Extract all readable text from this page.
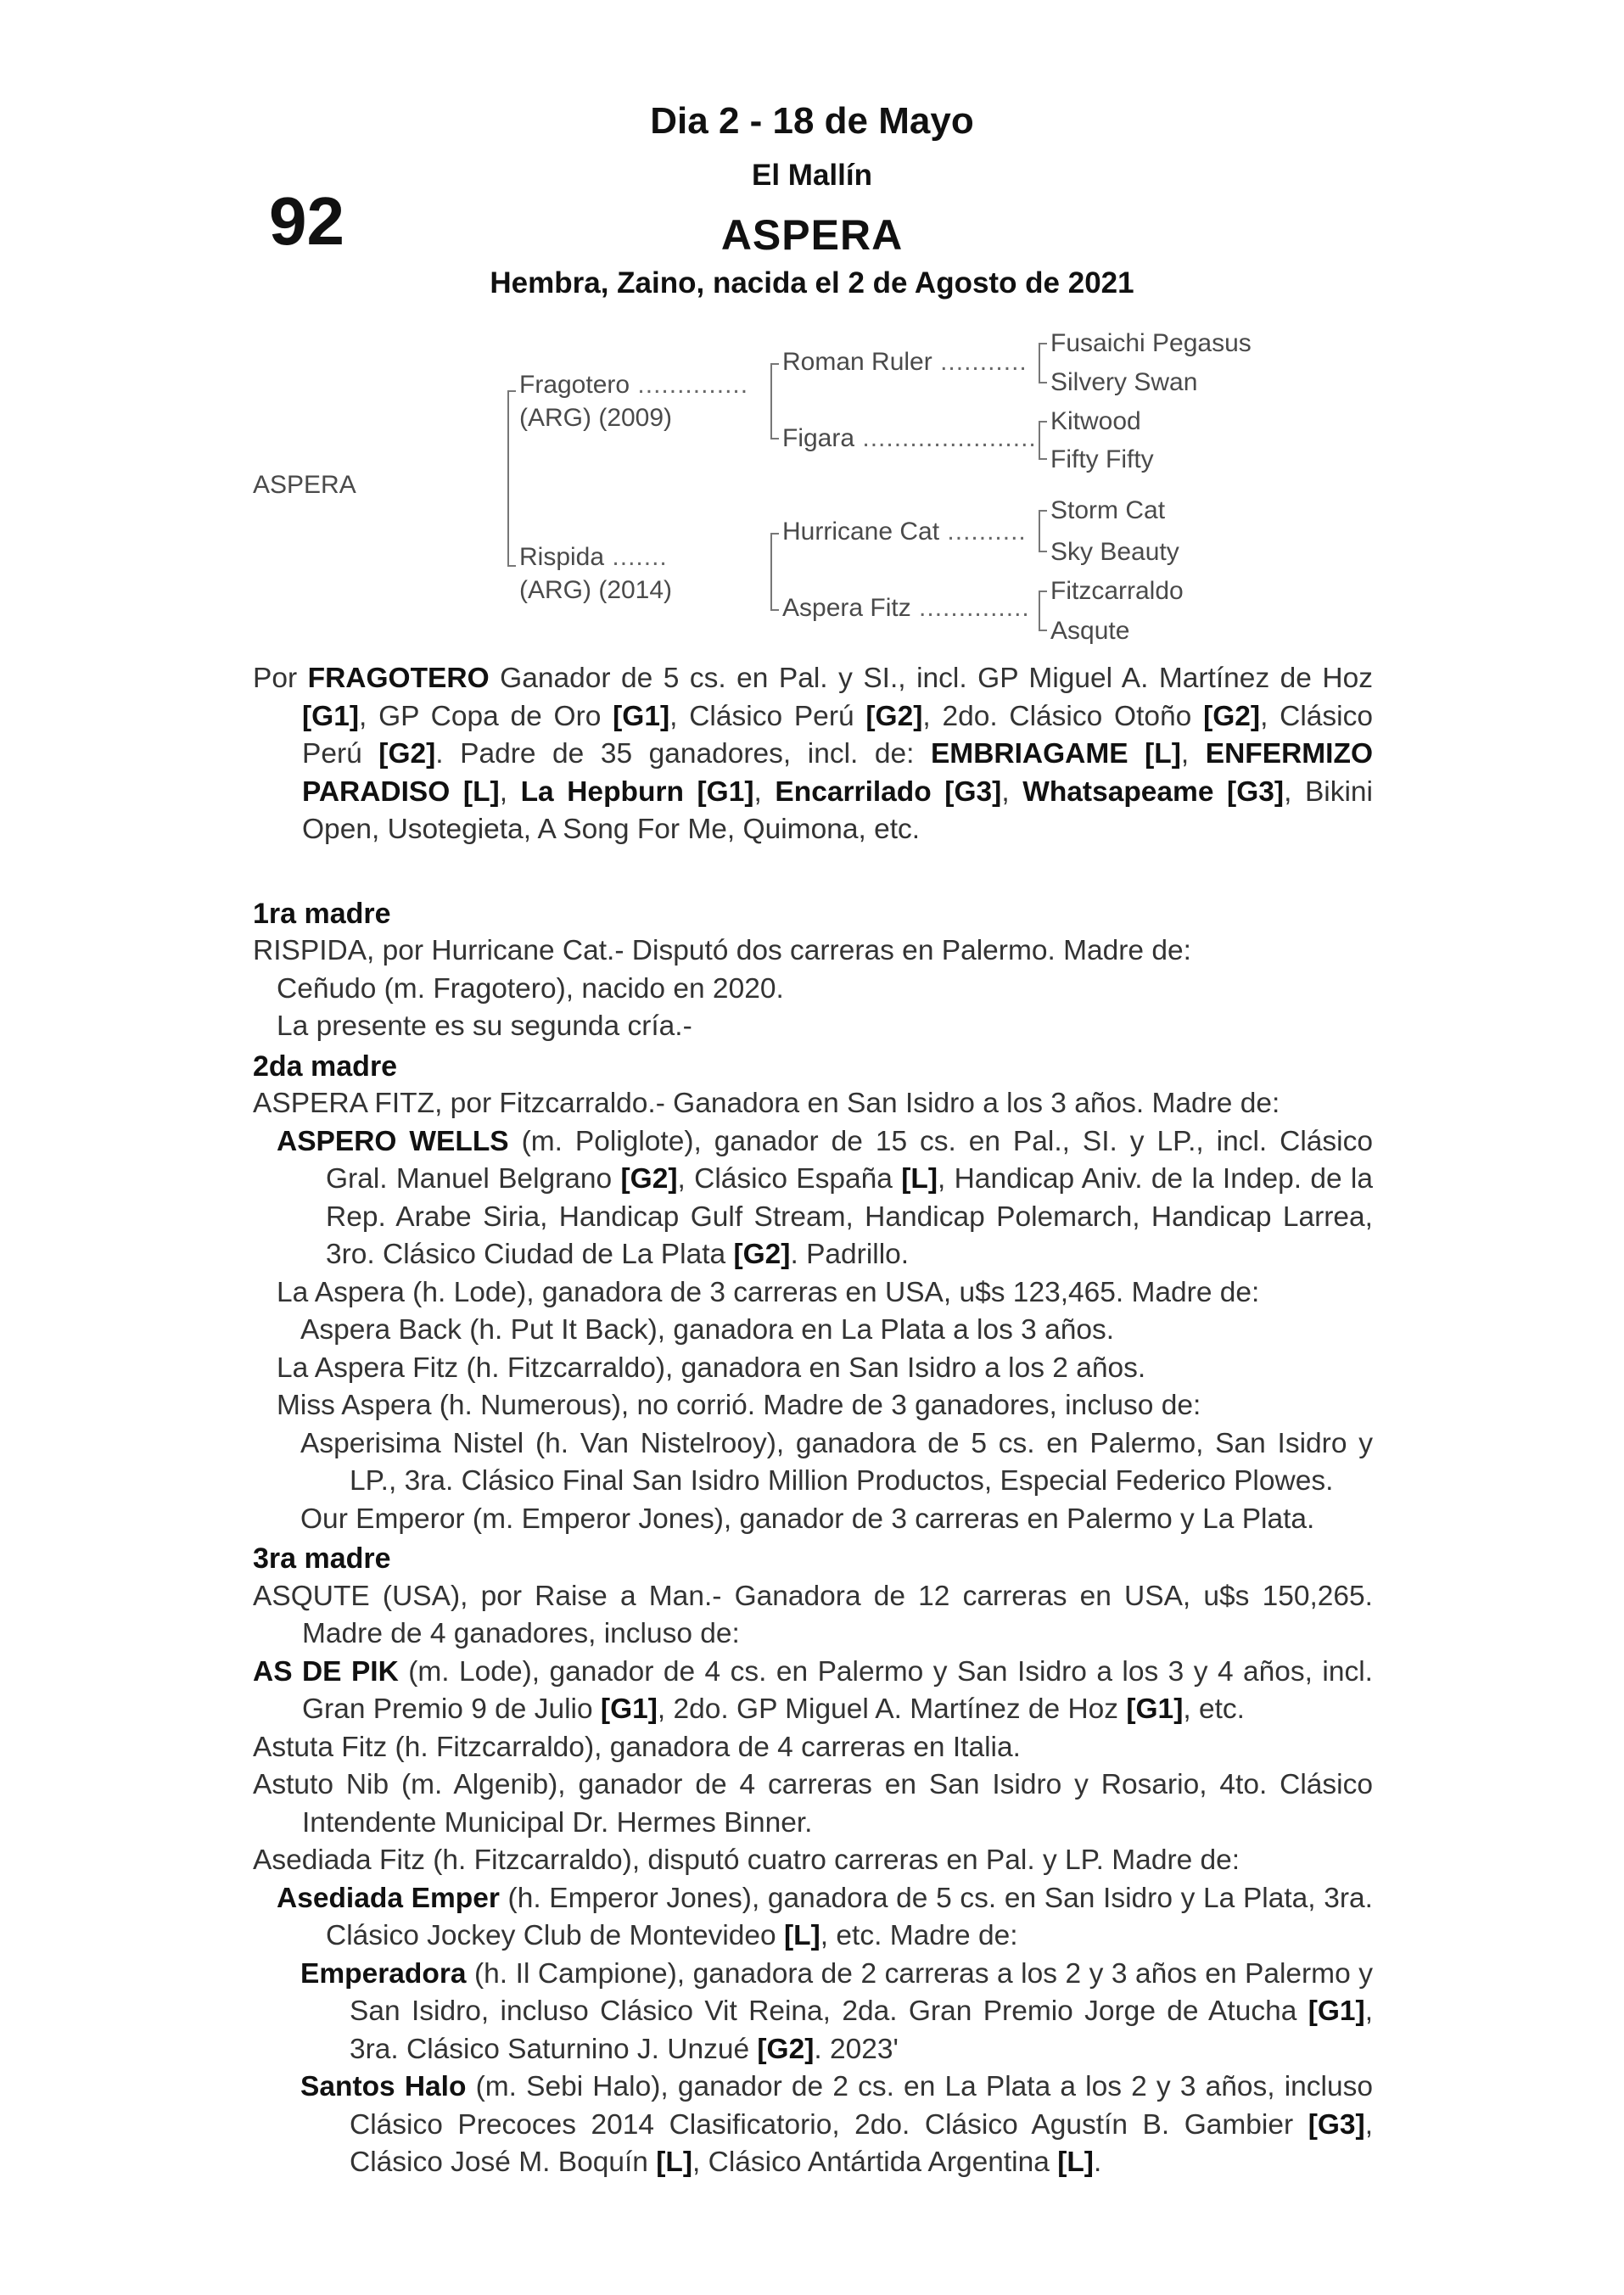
Dia 2 - 18 de Mayo
El Mallín
92	ASPERA
Hembra, Zaino, nacida el 2 de Agosto de 2021
ASPERA
Fragotero ..............
(ARG) (2009)
Rispida .......
(ARG) (2014)
Roman Ruler ...........
Figara ......................
Hurricane Cat ..........
Aspera Fitz ..............
Fusaichi Pegasus
Silvery Swan
Kitwood
Fifty Fifty
Storm Cat
Sky Beauty
Fitzcarraldo
Asqute

Por FRAGOTERO Ganador de 5 cs. en Pal. y SI., incl. GP Miguel A. Martínez de Hoz [G1], GP Copa de Oro [G1], Clásico Perú [G2], 2do. Clásico Otoño [G2], Clásico Perú [G2]. Padre de 35 ganadores, incl. de: EMBRIAGAME [L], ENFERMIZO PARADISO [L], La Hepburn [G1], Encarrilado [G3], Whatsapeame [G3], Bikini Open, Usotegieta, A Song For Me, Quimona, etc.

1ra madre

RISPIDA, por Hurricane Cat.- Disputó dos carreras en Palermo. Madre de:

Ceñudo (m. Fragotero), nacido en 2020.

La presente es su segunda cría.-

2da madre

ASPERA FITZ, por Fitzcarraldo.- Ganadora en San Isidro a los 3 años. Madre de:

ASPERO WELLS (m. Poliglote), ganador de 15 cs. en Pal., SI. y LP., incl. Clásico Gral. Manuel Belgrano [G2], Clásico España [L], Handicap Aniv. de la Indep. de la Rep. Arabe Siria, Handicap Gulf Stream, Handicap Polemarch, Handicap Larrea, 3ro. Clásico Ciudad de La Plata [G2]. Padrillo.

La Aspera (h. Lode), ganadora de 3 carreras en USA, u$s 123,465. Madre de:

Aspera Back (h. Put It Back), ganadora en La Plata a los 3 años.

La Aspera Fitz (h. Fitzcarraldo), ganadora en San Isidro a los 2 años.

Miss Aspera (h. Numerous), no corrió. Madre de 3 ganadores, incluso de:

Asperisima Nistel (h. Van Nistelrooy), ganadora de 5 cs. en Palermo, San Isidro y LP., 3ra. Clásico Final San Isidro Million Productos, Especial Federico Plowes.

Our Emperor (m. Emperor Jones), ganador de 3 carreras en Palermo y La Plata.

3ra madre

ASQUTE (USA), por Raise a Man.- Ganadora de 12 carreras en USA, u$s 150,265. Madre de 4 ganadores, incluso de:

AS DE PIK (m. Lode), ganador de 4 cs. en Palermo y San Isidro a los 3 y 4 años, incl. Gran Premio 9 de Julio [G1], 2do. GP Miguel A. Martínez de Hoz [G1], etc.

Astuta Fitz (h. Fitzcarraldo), ganadora de 4 carreras en Italia.

Astuto Nib (m. Algenib), ganador de 4 carreras en San Isidro y Rosario, 4to. Clásico Intendente Municipal Dr. Hermes Binner.

Asediada Fitz (h. Fitzcarraldo), disputó cuatro carreras en Pal. y LP. Madre de:

Asediada Emper (h. Emperor Jones), ganadora de 5 cs. en San Isidro y La Plata, 3ra. Clásico Jockey Club de Montevideo [L], etc. Madre de:

Emperadora (h. Il Campione), ganadora de 2 carreras a los 2 y 3 años en Palermo y San Isidro, incluso Clásico Vit Reina, 2da. Gran Premio Jorge de Atucha [G1], 3ra. Clásico Saturnino J. Unzué [G2]. 2023'

Santos Halo (m. Sebi Halo), ganador de 2 cs. en La Plata a los 2 y 3 años, incluso Clásico Precoces 2014 Clasificatorio, 2do. Clásico Agustín B. Gambier [G3], Clásico José M. Boquín [L], Clásico Antártida Argentina [L].
